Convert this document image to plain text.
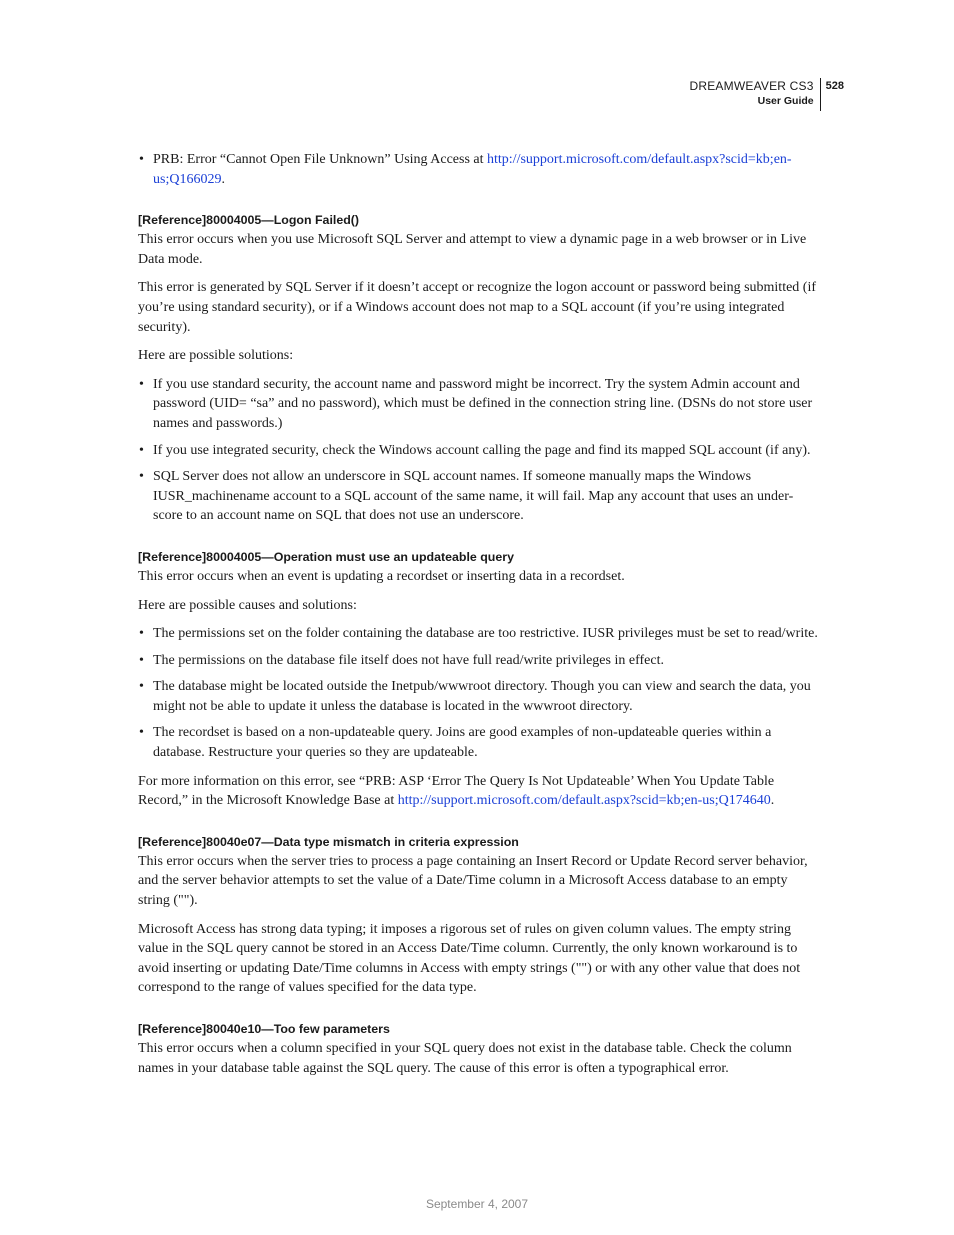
DREAMWEAVER CS3
User Guide
528
• PRB: Error “Cannot Open File Unknown” Using Access at http://support.microsoft.com/default.aspx?scid=kb;en-us;Q166029.
[Reference]80004005—Logon Failed()

This error occurs when you use Microsoft SQL Server and attempt to view a dynamic page in a web browser or in Live Data mode.

This error is generated by SQL Server if it doesn’t accept or recognize the logon account or password being submitted (if you’re using standard security), or if a Windows account does not map to a SQL account (if you’re using integrated security).

Here are possible solutions:

• If you use standard security, the account name and password might be incorrect. Try the system Admin account and password (UID= “sa” and no password), which must be defined in the connection string line. (DSNs do not store user names and passwords.)
• If you use integrated security, check the Windows account calling the page and find its mapped SQL account (if any).
• SQL Server does not allow an underscore in SQL account names. If someone manually maps the Windows IUSR_machinename account to a SQL account of the same name, it will fail. Map any account that uses an under-score to an account name on SQL that does not use an underscore.
[Reference]80004005—Operation must use an updateable query

This error occurs when an event is updating a recordset or inserting data in a recordset.

Here are possible causes and solutions:

• The permissions set on the folder containing the database are too restrictive. IUSR privileges must be set to read/write.
• The permissions on the database file itself does not have full read/write privileges in effect.
• The database might be located outside the Inetpub/wwwroot directory. Though you can view and search the data, you might not be able to update it unless the database is located in the wwwroot directory.
• The recordset is based on a non-updateable query. Joins are good examples of non-updateable queries within a database. Restructure your queries so they are updateable.

For more information on this error, see “PRB: ASP ‘Error The Query Is Not Updateable’ When You Update Table Record,” in the Microsoft Knowledge Base at http://support.microsoft.com/default.aspx?scid=kb;en-us;Q174640.

[Reference]80040e07—Data type mismatch in criteria expression

This error occurs when the server tries to process a page containing an Insert Record or Update Record server behavior, and the server behavior attempts to set the value of a Date/Time column in a Microsoft Access database to an empty string ("").

Microsoft Access has strong data typing; it imposes a rigorous set of rules on given column values. The empty string value in the SQL query cannot be stored in an Access Date/Time column. Currently, the only known workaround is to avoid inserting or updating Date/Time columns in Access with empty strings ("") or with any other value that does not correspond to the range of values specified for the data type.

[Reference]80040e10—Too few parameters

This error occurs when a column specified in your SQL query does not exist in the database table. Check the column names in your database table against the SQL query. The cause of this error is often a typographical error.

September 4, 2007
